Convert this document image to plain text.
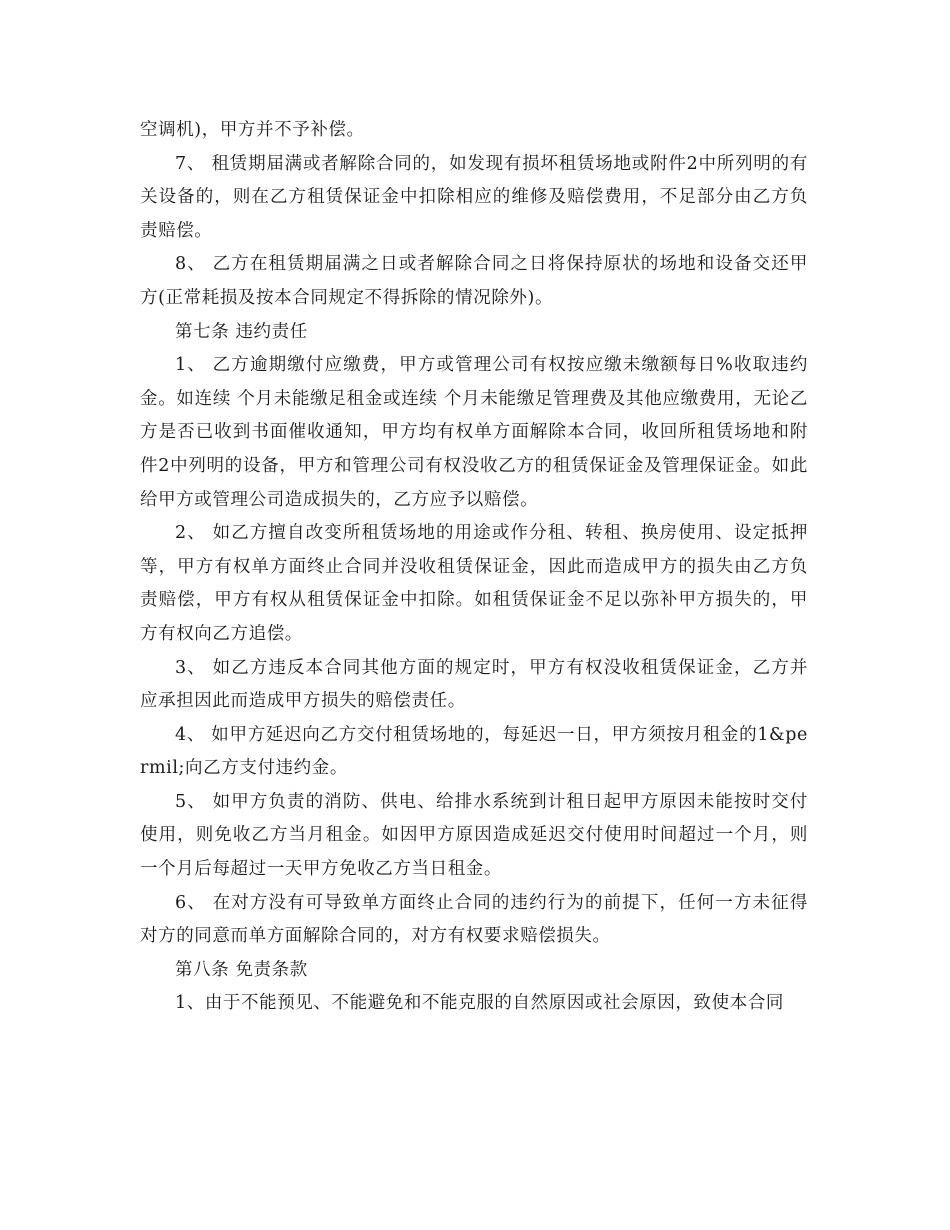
空调机)，甲方并不予补偿。

7、 租赁期届满或者解除合同的，如发现有损坏租赁场地或附件2中所列明的有关设备的，则在乙方租赁保证金中扣除相应的维修及赔偿费用，不足部分由乙方负责赔偿。

8、 乙方在租赁期届满之日或者解除合同之日将保持原状的场地和设备交还甲方(正常耗损及按本合同规定不得拆除的情况除外)。

第七条 违约责任

1、 乙方逾期缴付应缴费，甲方或管理公司有权按应缴未缴额每日%收取违约金。如连续 个月未能缴足租金或连续 个月未能缴足管理费及其他应缴费用，无论乙方是否已收到书面催收通知，甲方均有权单方面解除本合同，收回所租赁场地和附件2中列明的设备，甲方和管理公司有权没收乙方的租赁保证金及管理保证金。如此给甲方或管理公司造成损失的，乙方应予以赔偿。

2、 如乙方擅自改变所租赁场地的用途或作分租、转租、换房使用、设定抵押等，甲方有权单方面终止合同并没收租赁保证金，因此而造成甲方的损失由乙方负责赔偿，甲方有权从租赁保证金中扣除。如租赁保证金不足以弥补甲方损失的，甲方有权向乙方追偿。

3、 如乙方违反本合同其他方面的规定时，甲方有权没收租赁保证金，乙方并应承担因此而造成甲方损失的赔偿责任。

4、 如甲方延迟向乙方交付租赁场地的，每延迟一日，甲方须按月租金的1&permil;向乙方支付违约金。

5、 如甲方负责的消防、供电、给排水系统到计租日起甲方原因未能按时交付使用，则免收乙方当月租金。如因甲方原因造成延迟交付使用时间超过一个月，则一个月后每超过一天甲方免收乙方当日租金。

6、 在对方没有可导致单方面终止合同的违约行为的前提下，任何一方未征得对方的同意而单方面解除合同的，对方有权要求赔偿损失。

第八条 免责条款

1、由于不能预见、不能避免和不能克服的自然原因或社会原因，致使本合同
